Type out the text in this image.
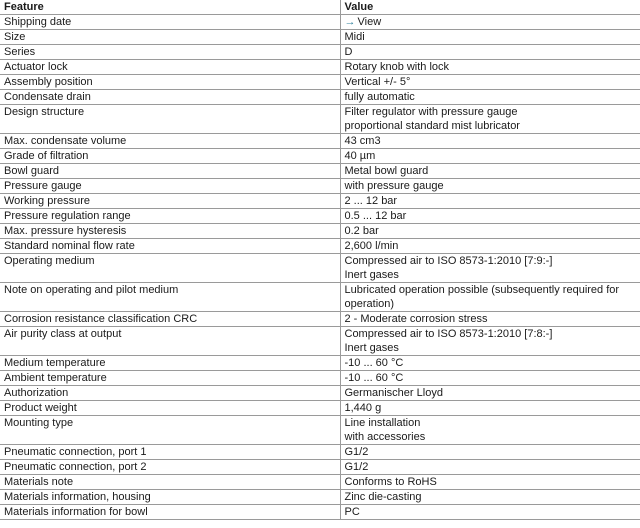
Feature	Value
Shipping date	→ View
Size	Midi

Series	D

Actuator lock	Rotary knob with lock

Assembly position	Vertical +/- 5°

Condensate drain	fully automatic

Design structure	Filter regulator with pressure gauge
proportional standard mist lubricator

Max. condensate volume	43 cm3

Grade of filtration	40 µm

Bowl guard	Metal bowl guard

Pressure gauge	with pressure gauge

Working pressure	2 ... 12 bar

Pressure regulation range	0.5 ... 12 bar

Max. pressure hysteresis	0.2 bar

Standard nominal flow rate	2,600 l/min

Operating medium	Compressed air to ISO 8573-1:2010 [7:9:-]
Inert gases

Note on operating and pilot medium	Lubricated operation possible (subsequently required for
operation)

Corrosion resistance classification CRC	2 - Moderate corrosion stress

Air purity class at output	Compressed air to ISO 8573-1:2010 [7:8:-]
Inert gases

Medium temperature	-10 ... 60 °C

Ambient temperature	-10 ... 60 °C

Authorization	Germanischer Lloyd

Product weight	1,440 g

Mounting type	Line installation
with accessories

Pneumatic connection, port 1	G1/2

Pneumatic connection, port 2	G1/2

Materials note	Conforms to RoHS

Materials information, housing	Zinc die-casting

Materials information for bowl	PC
